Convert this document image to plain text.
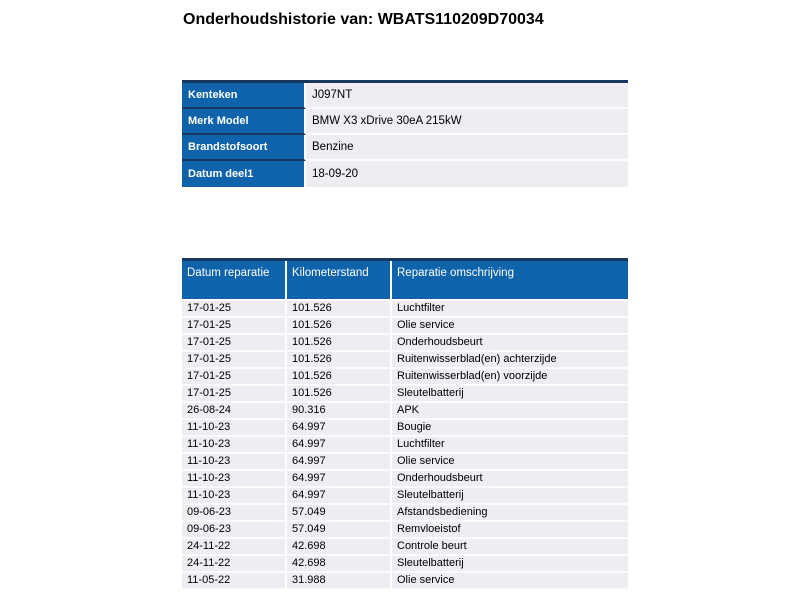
Onderhoudshistorie van: WBATS110209D70034
Kenteken	J097NT
Merk Model	BMW X3 xDrive 30eA 215kW
Brandstofsoort	Benzine
Datum deel1	18-09-20
Datum reparatie	Kilometerstand	Reparatie omschrijving
17-01-25	101.526	Luchtfilter
17-01-25	101.526	Olie service
17-01-25	101.526	Onderhoudsbeurt
17-01-25	101.526	Ruitenwisserblad(en) achterzijde
17-01-25	101.526	Ruitenwisserblad(en) voorzijde
17-01-25	101.526	Sleutelbatterij
26-08-24	90.316	APK
11-10-23	64.997	Bougie
11-10-23	64.997	Luchtfilter
11-10-23	64.997	Olie service
11-10-23	64.997	Onderhoudsbeurt
11-10-23	64.997	Sleutelbatterij
09-06-23	57.049	Afstandsbediening
09-06-23	57.049	Remvloeistof
24-11-22	42.698	Controle beurt
24-11-22	42.698	Sleutelbatterij
11-05-22	31.988	Olie service
